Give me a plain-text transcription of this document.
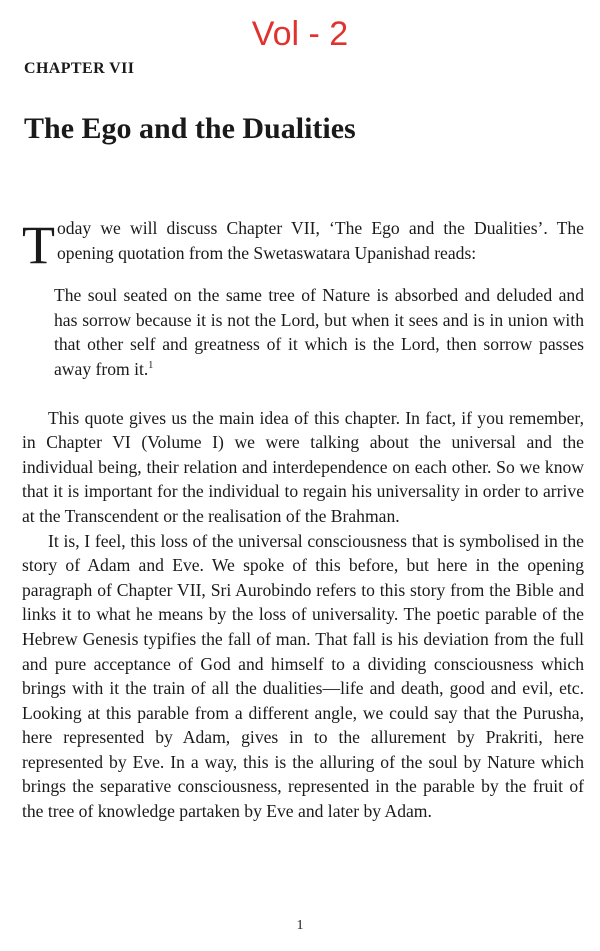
Vol - 2
CHAPTER VII
The Ego and the Dualities

Today we will discuss Chapter VII, ‘The Ego and the Dualities’. The opening quotation from the Swetaswatara Upanishad reads:

The soul seated on the same tree of Nature is absorbed and deluded and has sorrow because it is not the Lord, but when it sees and is in union with that other self and greatness of it which is the Lord, then sorrow passes away from it.$^1$

This quote gives us the main idea of this chapter. In fact, if you remember, in Chapter VI (Volume I) we were talking about the universal and the individual being, their relation and interdependence on each other. So we know that it is important for the individual to regain his universality in order to arrive at the Transcendent or the realisation of the Brahman.

It is, I feel, this loss of the universal consciousness that is symbolised in the story of Adam and Eve. We spoke of this before, but here in the opening paragraph of Chapter VII, Sri Aurobindo refers to this story from the Bible and links it to what he means by the loss of universality. The poetic parable of the Hebrew Genesis typifies the fall of man. That fall is his deviation from the full and pure acceptance of God and himself to a dividing consciousness which brings with it the train of all the dualities—life and death, good and evil, etc. Looking at this parable from a different angle, we could say that the Purusha, here represented by Adam, gives in to the allurement by Prakriti, here represented by Eve. In a way, this is the alluring of the soul by Nature which brings the separative consciousness, represented in the parable by the fruit of the tree of knowledge partaken by Eve and later by Adam.

1
